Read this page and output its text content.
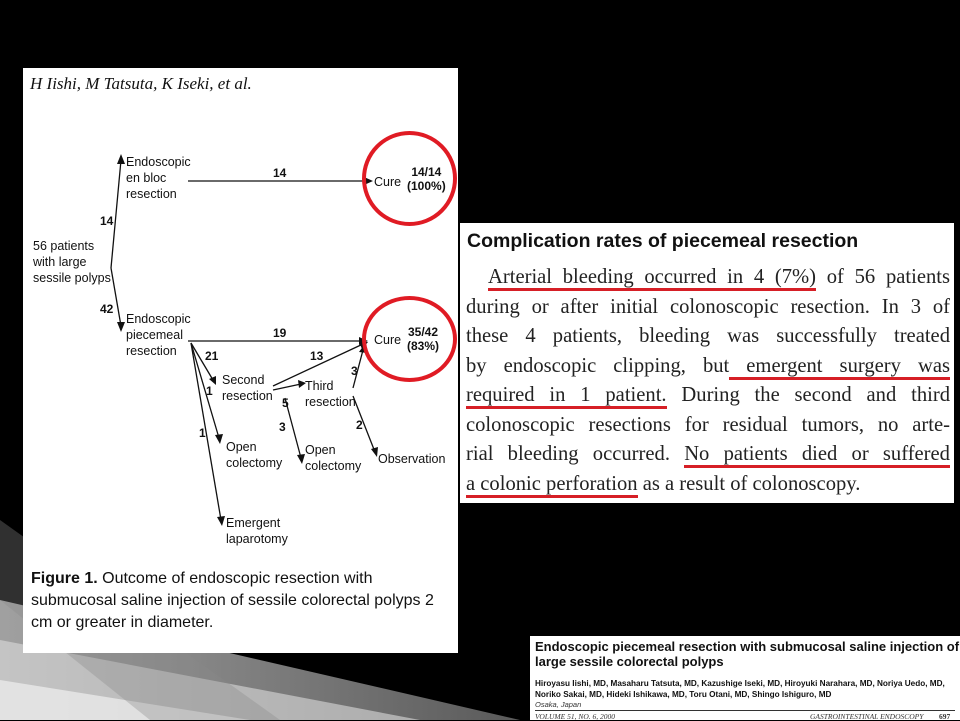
H Iishi, M Tatsuta, K Iseki, et al.
56 patients
with large
sessile polyps
Endoscopic
en bloc
resection
Endoscopic
piecemeal
resection
Second
resection
Third
resection
Open
colectomy
Open
colectomy
Emergent
laparotomy
Observation
Cure
14/14
(100%)
Cure
35/42
(83%)
14
42
14
19
21	13
3
1
1
5
3	2
Figure 1. Outcome of endoscopic resection with submucosal saline injection of sessile colorectal polyps 2 cm or greater in diameter.
Complication rates of piecemeal resection
Arterial bleeding occurred in 4 (7%) of 56 patients
during or after initial colonoscopic resection. In 3 of
these 4 patients, bleeding was successfully treated
by endoscopic clipping, but emergent surgery was
required in 1 patient. During the second and third
colonoscopic resections for residual tumors, no arte-
rial bleeding occurred. No patients died or suffered
a colonic perforation as a result of colonoscopy.
Endoscopic piecemeal resection with submucosal saline injection of large sessile colorectal polyps
Hiroyasu Iishi, MD, Masaharu Tatsuta, MD, Kazushige Iseki, MD, Hiroyuki Narahara, MD, Noriya Uedo, MD, Noriko Sakai, MD, Hideki Ishikawa, MD, Toru Otani, MD, Shingo Ishiguro, MD
Osaka, Japan
VOLUME 51, NO. 6, 2000	GASTROINTESTINAL ENDOSCOPY 697
